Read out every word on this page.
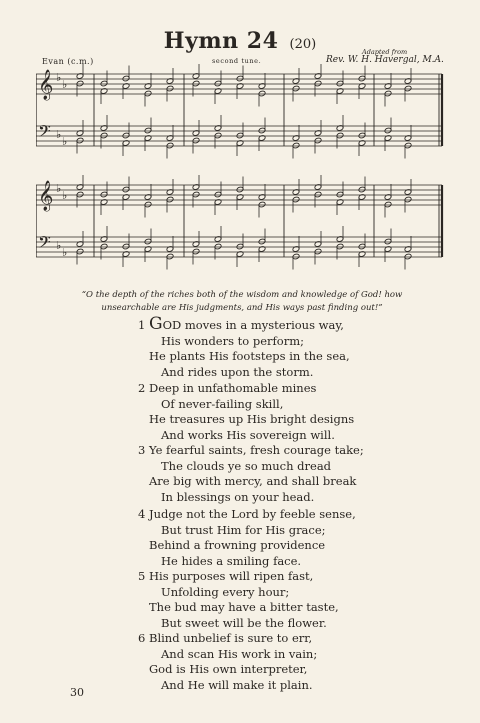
Hymn 24 (20)
Evan (c.m.)	second tune.
Adapted from
Rev. W. H. Havergal, M.A.
𝄞
𝄢
♭
♭
♭
♭
𝄞
𝄢
♭
♭
♭
♭
“O the depth of the riches both of the wisdom and knowledge of God! how unsearchable are His judgments, and His ways past finding out!”
1 GOD moves in a mysterious way,
His wonders to perform;
He plants His footsteps in the sea,
And rides upon the storm.
2 Deep in unfathomable mines
Of never-failing skill,
He treasures up His bright designs
And works His sovereign will.
3 Ye fearful saints, fresh courage take;
The clouds ye so much dread
Are big with mercy, and shall break
In blessings on your head.
4 Judge not the Lord by feeble sense,
But trust Him for His grace;
Behind a frowning providence
He hides a smiling face.
5 His purposes will ripen fast,
Unfolding every hour;
The bud may have a bitter taste,
But sweet will be the flower.
6 Blind unbelief is sure to err,
And scan His work in vain;
God is His own interpreter,
And He will make it plain.
30
